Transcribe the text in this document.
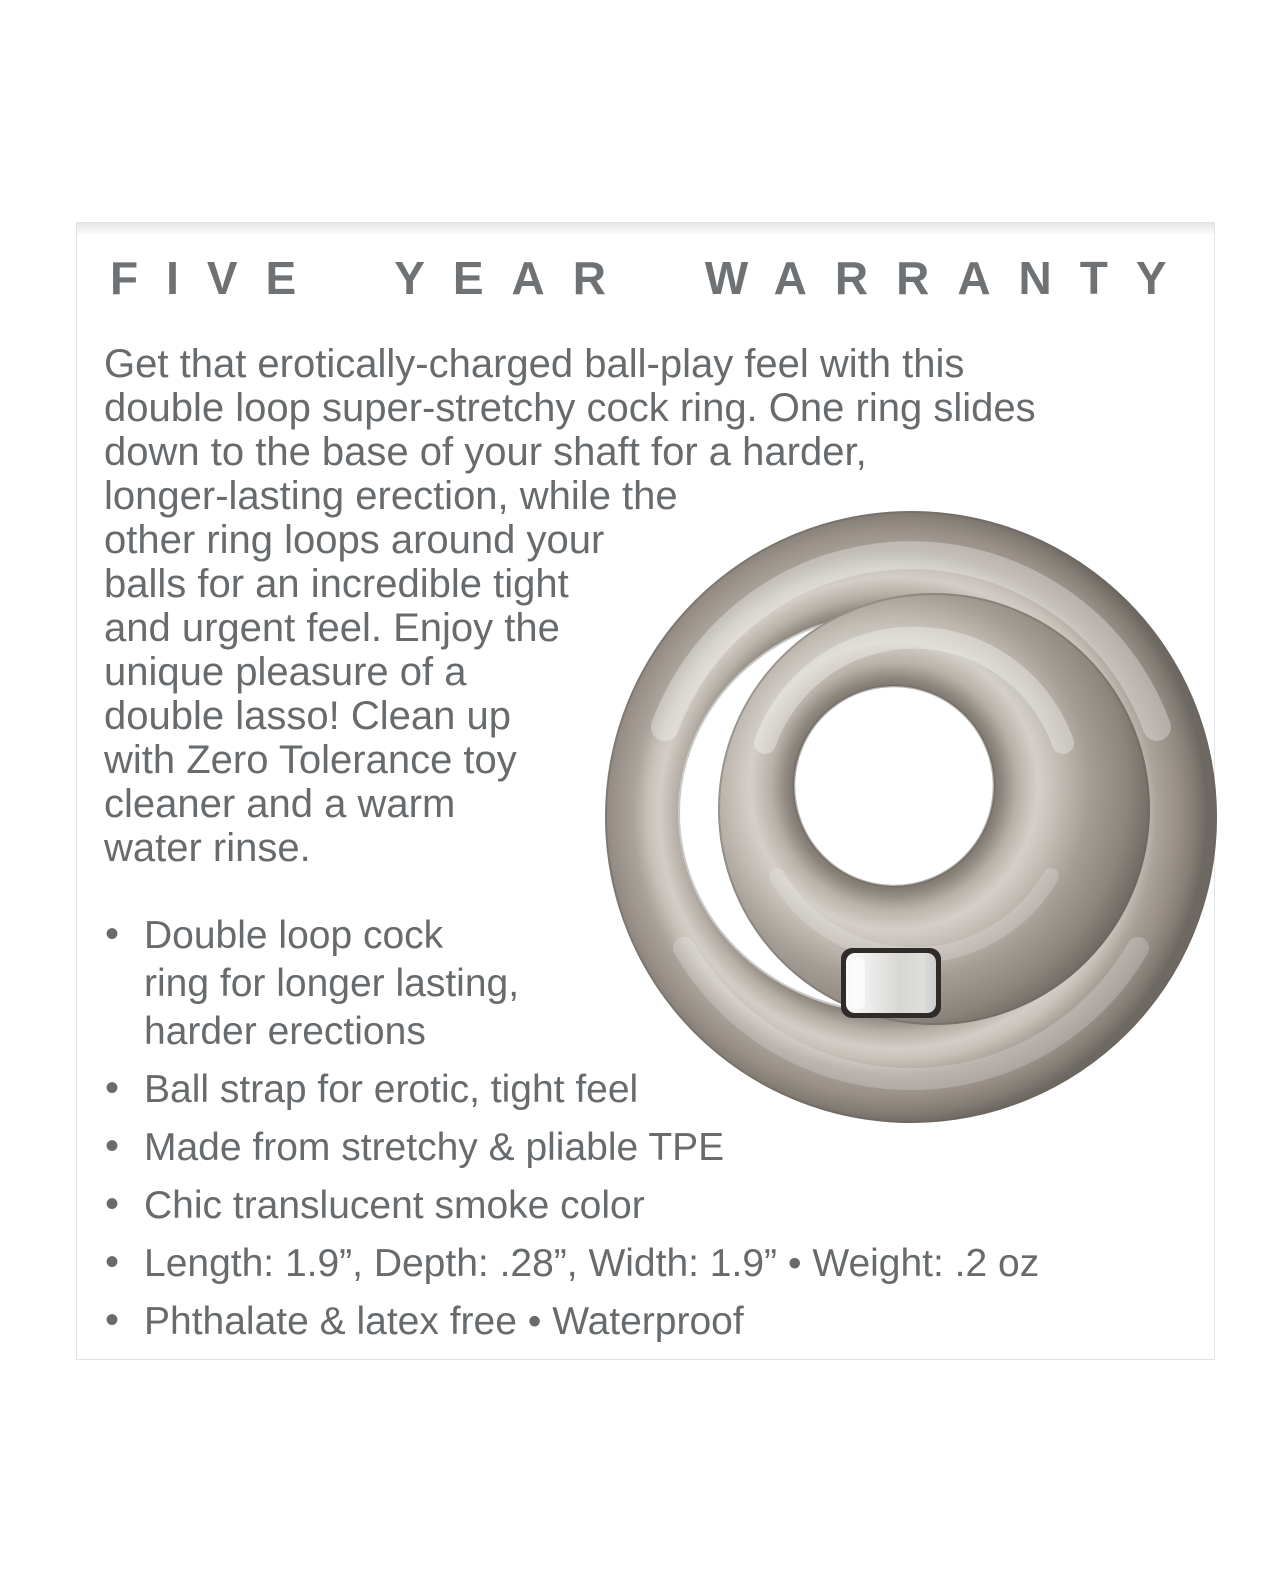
FIVE YEAR WARRANTY
Get that erotically-charged ball-play feel with this
double loop super-stretchy cock ring. One ring slides
down to the base of your shaft for a harder,
longer-lasting erection, while the
other ring loops around your
balls for an incredible tight
and urgent feel. Enjoy the
unique pleasure of a
double lasso! Clean up
with Zero Tolerance toy
cleaner and a warm
water rinse.
• Double loop cock
ring for longer lasting,
harder erections
• Ball strap for erotic, tight feel
• Made from stretchy & pliable TPE
• Chic translucent smoke color
• Length: 1.9”, Depth: .28”, Width: 1.9” • Weight: .2 oz
• Phthalate & latex free • Waterproof
